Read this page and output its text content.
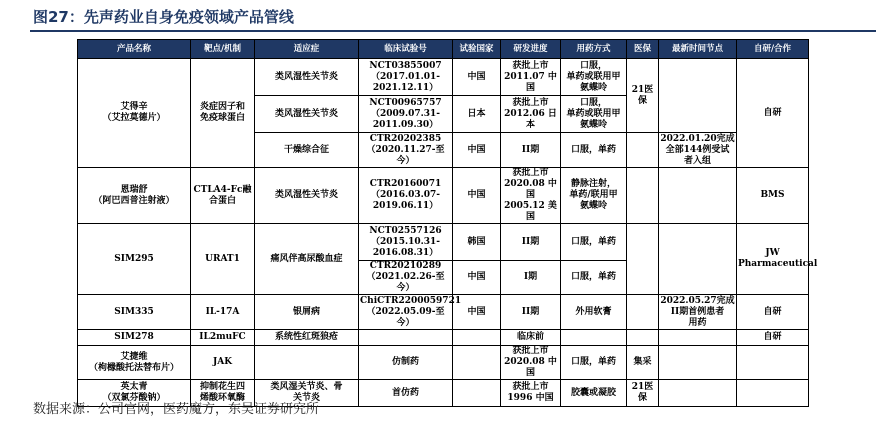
图27：先声药业自身免疫领域产品管线
产品名称	靶点/机制	适应症	临床试验号	试验国家	研发进度	用药方式	医保	最新时间节点	自研/合作
艾得辛
（艾拉莫德片）	炎症因子和
免疫球蛋白	类风湿性关节炎	NCT03855007
（2017.01.01-
2021.12.11）	中国	获批上市
2011.07 中国	口服，
单药或联用甲
氨蝶呤	21医保		自研
		类风湿性关节炎	NCT00965757
（2009.07.31-
2011.09.30）	日本	获批上市
2012.06 日本	口服，
单药或联用甲
氨蝶呤			
		干燥综合征	CTR20202385
（2020.11.27-至今）	中国	II期	口服，单药		2022.01.20完成
全部144例受试
者入组	
恩瑞舒
（阿巴西普注射液）	CTLA4-Fc融
合蛋白	类风湿性关节炎	CTR20160071
（2016.03.07-
2019.06.11）	中国	获批上市
2020.08 中国
2005.12 美国	静脉注射，
单药/联用甲
氨蝶呤			BMS
SIM295	URAT1	痛风伴高尿酸血症	NCT02557126
（2015.10.31-
2016.08.31）	韩国	II期	口服，单药			JW
Pharmaceutical
			CTR20210289
（2021.02.26-至今）	中国	I期	口服，单药			
SIM335	IL-17A	银屑病	ChiCTR2200059721
（2022.05.09-至今）	中国	II期	外用软膏		2022.05.27完成
II期首例患者
用药	自研
SIM278	IL2muFC	系统性红斑狼疮			临床前				自研
艾捷维
（枸橼酸托法替布片）	JAK		仿制药		获批上市
2020.08 中国	口服，单药	集采		
英太青
（双氯芬酸钠）	抑制花生四
烯酸环氧酶	类风湿关节炎、骨
关节炎	首仿药		获批上市
1996 中国	胶囊或凝胶	21医保		
数据来源：公司官网，医药魔方，东吴证券研究所
